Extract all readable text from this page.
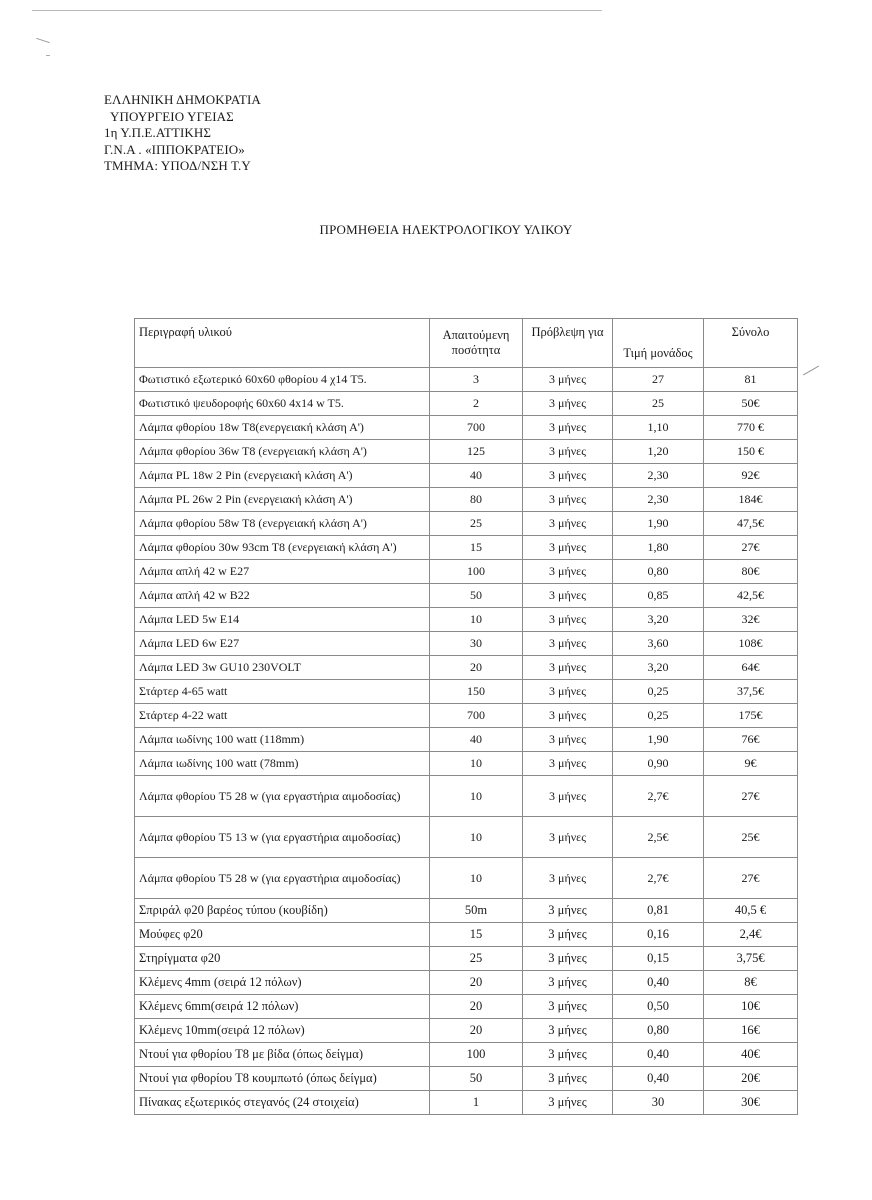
ΕΛΛΗΝΙΚΗ ΔΗΜΟΚΡΑΤΙΑ
ΥΠΟΥΡΓΕΙΟ ΥΓΕΙΑΣ
1η Υ.Π.Ε.ΑΤΤΙΚΗΣ
Γ.Ν.Α . «ΙΠΠΟΚΡΑΤΕΙΟ»
ΤΜΗΜΑ: ΥΠΟΔ/ΝΣΗ Τ.Υ
ΠΡΟΜΗΘΕΙΑ ΗΛΕΚΤΡΟΛΟΓΙΚΟΥ ΥΛΙΚΟΥ
Περιγραφή υλικού	Απαιτούμενη ποσότητα	Πρόβλεψη για	Τιμή μονάδος	Σύνολο
Φωτιστικό εξωτερικό 60x60 φθορίου 4 χ14 T5.	3	3 μήνες	27	81
Φωτιστικό ψευδοροφής 60x60 4x14 w T5.	2	3 μήνες	25	50€
Λάμπα φθορίου 18w T8(ενεργειακή κλάση Α')	700	3 μήνες	1,10	770 €
Λάμπα φθορίου 36w T8 (ενεργειακή κλάση Α')	125	3 μήνες	1,20	150 €
Λάμπα PL 18w 2 Pin (ενεργειακή κλάση Α')	40	3 μήνες	2,30	92€
Λάμπα PL 26w 2 Pin (ενεργειακή κλάση Α')	80	3 μήνες	2,30	184€
Λάμπα φθορίου 58w T8 (ενεργειακή κλάση Α')	25	3 μήνες	1,90	47,5€
Λάμπα φθορίου 30w 93cm T8 (ενεργειακή κλάση Α')	15	3 μήνες	1,80	27€
Λάμπα απλή 42 w E27	100	3 μήνες	0,80	80€
Λάμπα απλή 42 w B22	50	3 μήνες	0,85	42,5€
Λάμπα LED 5w E14	10	3 μήνες	3,20	32€
Λάμπα LED 6w E27	30	3 μήνες	3,60	108€
Λάμπα LED 3w GU10 230VOLT	20	3 μήνες	3,20	64€
Στάρτερ 4-65 watt	150	3 μήνες	0,25	37,5€
Στάρτερ 4-22 watt	700	3 μήνες	0,25	175€
Λάμπα ιωδίνης 100 watt (118mm)	40	3 μήνες	1,90	76€
Λάμπα ιωδίνης 100 watt (78mm)	10	3 μήνες	0,90	9€
Λάμπα φθορίου T5 28 w (για εργαστήρια αιμοδοσίας)	10	3 μήνες	2,7€	27€
Λάμπα φθορίου T5 13 w (για εργαστήρια αιμοδοσίας)	10	3 μήνες	2,5€	25€
Λάμπα φθορίου T5 28 w (για εργαστήρια αιμοδοσίας)	10	3 μήνες	2,7€	27€
Σπριράλ φ20 βαρέος τύπου (κουβίδη)	50m	3 μήνες	0,81	40,5 €
Μούφες φ20	15	3 μήνες	0,16	2,4€
Στηρίγματα φ20	25	3 μήνες	0,15	3,75€
Κλέμενς 4mm (σειρά 12 πόλων)	20	3 μήνες	0,40	8€
Κλέμενς 6mm(σειρά 12 πόλων)	20	3 μήνες	0,50	10€
Κλέμενς 10mm(σειρά 12 πόλων)	20	3 μήνες	0,80	16€
Ντουί για φθορίου T8 με βίδα (όπως δείγμα)	100	3 μήνες	0,40	40€
Ντουί για φθορίου T8 κουμπωτό (όπως δείγμα)	50	3 μήνες	0,40	20€
Πίνακας εξωτερικός στεγανός (24 στοιχεία)	1	3 μήνες	30	30€
